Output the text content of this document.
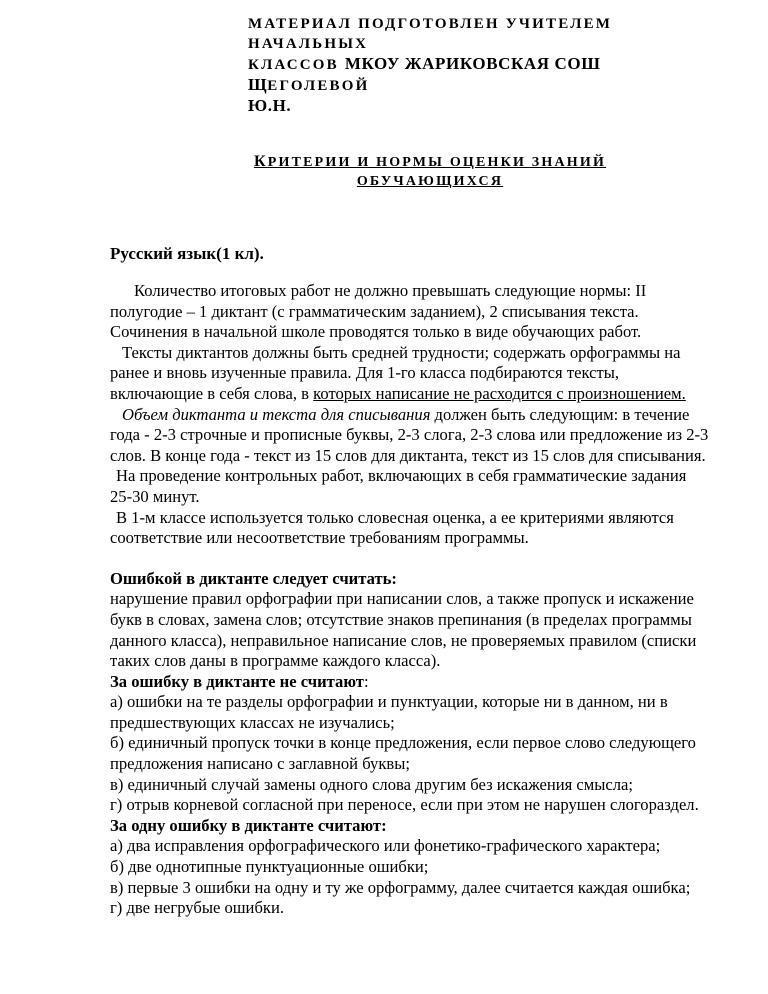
МАТЕРИАЛ ПОДГОТОВЛЕН УЧИТЕЛЕМ НАЧАЛЬНЫХ
КЛАССОВ МКОУ ЖАРИКОВСКАЯ СОШ ЩЕГОЛЕВОЙ
Ю.Н.
КРИТЕРИИ И НОРМЫ ОЦЕНКИ ЗНАНИЙ ОБУЧАЮЩИХСЯ
Русский язык(1 кл).

Количество итоговых работ не должно превышать следующие нормы: II полугодие – 1 диктант (с грамматическим заданием), 2 списывания текста. Сочинения в начальной школе проводятся только в виде обучающих работ.

Тексты диктантов должны быть средней трудности; содержать орфограммы на ранее и вновь изученные правила. Для 1-го класса подбираются тексты, включающие в себя слова, в которых написание не расходится с произношением.

Объем диктанта и текста для списывания должен быть следующим: в течение года - 2-3 строчные и прописные буквы, 2-3 слога, 2-3 слова или предложение из 2-3 слов. В конце года - текст из 15 слов для диктанта, текст из 15 слов для списывания.

На проведение контрольных работ, включающих в себя грамматические задания 25-30 минут.

В 1-м классе используется только словесная оценка, а ее критериями являются соответствие или несоответствие требованиям программы.

Ошибкой в диктанте следует считать:

нарушение правил орфографии при написании слов, а также пропуск и искажение букв в словах, замена слов; отсутствие знаков препинания (в пределах программы данного класса), неправильное написание слов, не проверяемых правилом (списки таких слов даны в программе каждого класса).

За ошибку в диктанте не считают:

а) ошибки на те разделы орфографии и пунктуации, которые ни в данном, ни в предшествующих классах не изучались;

б) единичный пропуск точки в конце предложения, если первое слово следующего предложения написано с заглавной буквы;

в) единичный случай замены одного слова другим без искажения смысла;

г) отрыв корневой согласной при переносе, если при этом не нарушен слогораздел.

За одну ошибку в диктанте считают:

а) два исправления орфографического или фонетико-графического характера;

б) две однотипные пунктуационные ошибки;

в) первые 3 ошибки на одну и ту же орфограмму, далее считается каждая ошибка;

г) две негрубые ошибки.
